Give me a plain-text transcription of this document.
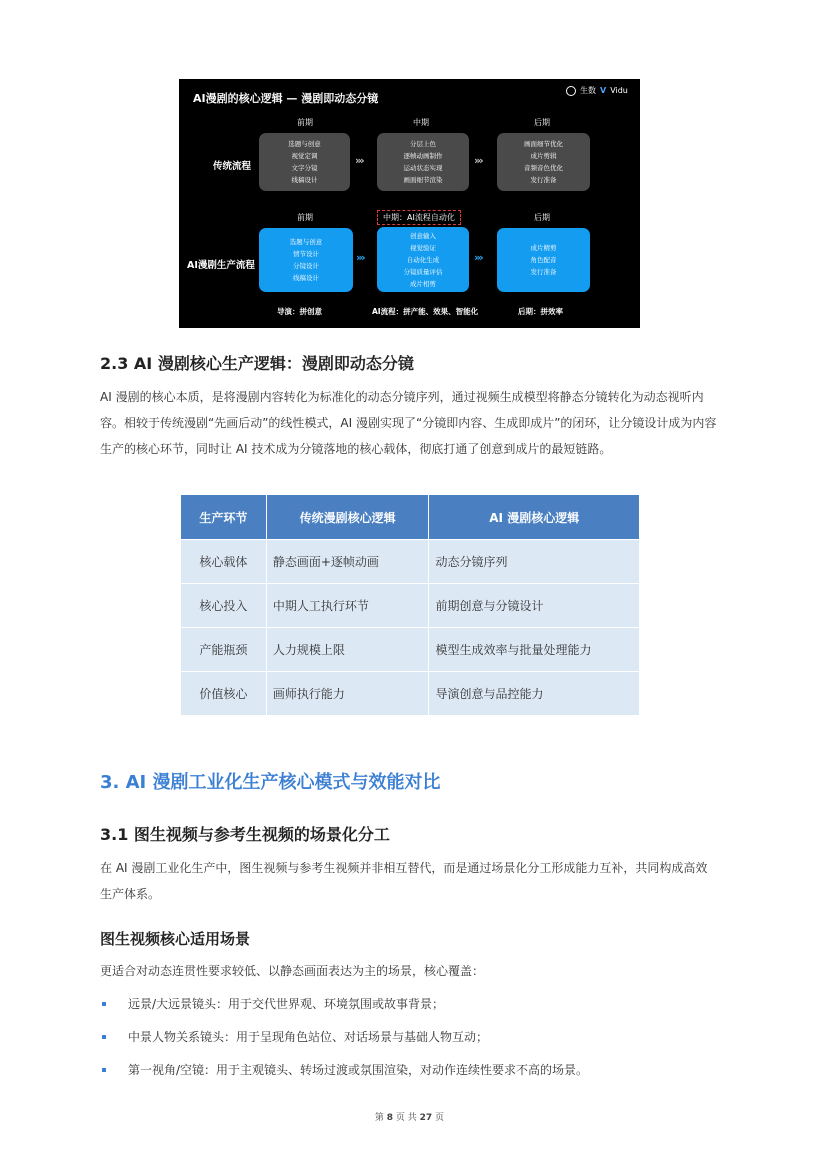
AI漫剧的核心逻辑 — 漫剧即动态分镜
生数 V Vidu
前期	中期	后期
传统流程
选题与创意
视觉定调
文字分镜
线稿设计
›››
分层上色
逐帧动画制作
运动状态实现
画面细节渲染
›››
画面细节优化
成片剪辑
音频音色优化
发行准备
前期	中期：AI流程自动化	后期
AI漫剧生产流程
选题与创意
情节设计
分镜设计
线稿设计
›››
创意输入
视觉验证
自动化生成
分镜质量评估
成片相剪
›››
成片精剪
角色配音
发行准备
导演：拼创意	AI流程：拼产能、效果、智能化	后期：拼效率
2.3 AI 漫剧核心生产逻辑：漫剧即动态分镜

AI 漫剧的核心本质，是将漫剧内容转化为标准化的动态分镜序列，通过视频生成模型将静态分镜转化为动态视听内
容。相较于传统漫剧“先画后动”的线性模式，AI 漫剧实现了“分镜即内容、生成即成片”的闭环，让分镜设计成为内容
生产的核心环节，同时让 AI 技术成为分镜落地的核心载体，彻底打通了创意到成片的最短链路。

生产环节	传统漫剧核心逻辑	AI 漫剧核心逻辑
核心载体	静态画面+逐帧动画	动态分镜序列
核心投入	中期人工执行环节	前期创意与分镜设计
产能瓶颈	人力规模上限	模型生成效率与批量处理能力
价值核心	画师执行能力	导演创意与品控能力
3. AI 漫剧工业化生产核心模式与效能对比
3.1 图生视频与参考生视频的场景化分工

在 AI 漫剧工业化生产中，图生视频与参考生视频并非相互替代，而是通过场景化分工形成能力互补，共同构成高效
生产体系。

图生视频核心适用场景

更适合对动态连贯性要求较低、以静态画面表达为主的场景，核心覆盖：

远景/大远景镜头：用于交代世界观、环境氛围或故事背景；
中景人物关系镜头：用于呈现角色站位、对话场景与基础人物互动；
第一视角/空镜：用于主观镜头、转场过渡或氛围渲染，对动作连续性要求不高的场景。
第 8 页 共 27 页
